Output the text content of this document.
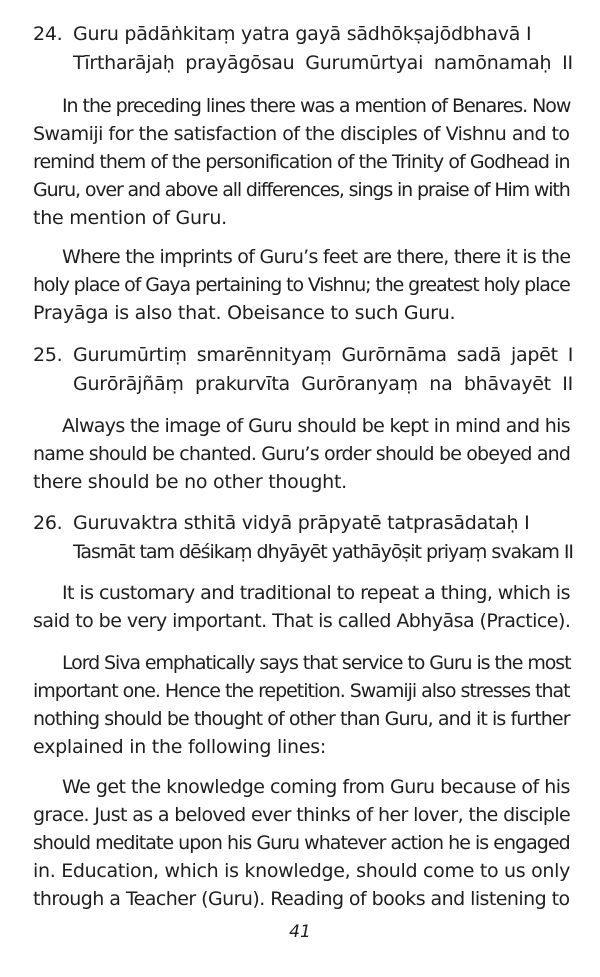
24. Guru pādāṅkitaṃ yatra gayā sādhōkṣajōdbhavā I
Tīrtharājaḥ prayāgōsau Gurumūrtyai namōnamaḥ II
In the preceding lines there was a mention of Benares. Now
Swamiji for the satisfaction of the disciples of Vishnu and to
remind them of the personification of the Trinity of Godhead in
Guru, over and above all differences, sings in praise of Him with
the mention of Guru.
Where the imprints of Guru’s feet are there, there it is the
holy place of Gaya pertaining to Vishnu; the greatest holy place
Prayāga is also that. Obeisance to such Guru.
25. Gurumūrtiṃ smarēnnityaṃ Gurōrnāma sadā japēt I
Gurōrājñāṃ prakurvīta Gurōranyaṃ na bhāvayēt II
Always the image of Guru should be kept in mind and his
name should be chanted. Guru’s order should be obeyed and
there should be no other thought.
26. Guruvaktra sthitā vidyā prāpyatē tatprasādataḥ I
Tasmāt tam dēśikaṃ dhyāyēt yathāyōṣit priyaṃ svakam II
It is customary and traditional to repeat a thing, which is
said to be very important. That is called Abhyāsa (Practice).
Lord Siva emphatically says that service to Guru is the most
important one. Hence the repetition. Swamiji also stresses that
nothing should be thought of other than Guru, and it is further
explained in the following lines:
We get the knowledge coming from Guru because of his
grace. Just as a beloved ever thinks of her lover, the disciple
should meditate upon his Guru whatever action he is engaged
in. Education, which is knowledge, should come to us only
through a Teacher (Guru). Reading of books and listening to
41
